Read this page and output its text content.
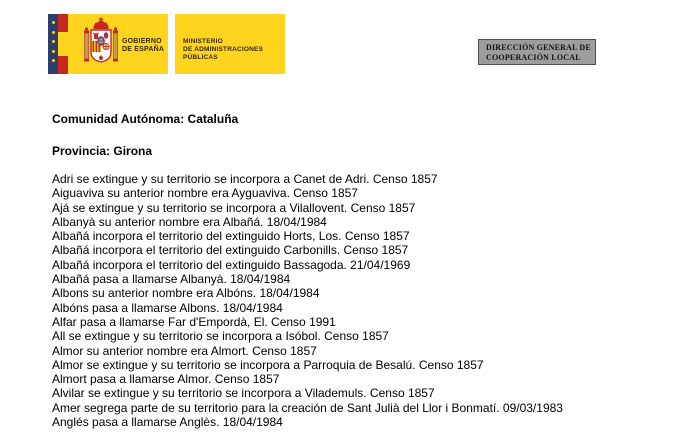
GOBIERNO
DE ESPAÑA
MINISTERIO
DE ADMINISTRACIONES
PÚBLICAS
DIRECCIÓN GENERAL DE
COOPERACIÓN LOCAL
Comunidad Autónoma: Cataluña
Provincia: Girona
Adri se extingue y su territorio se incorpora a Canet de Adri. Censo 1857
Aiguaviva su anterior nombre era Ayguaviva. Censo 1857
Ajá se extingue y su territorio se incorpora a Vilallovent. Censo 1857
Albanyà su anterior nombre era Albañá. 18/04/1984
Albañá incorpora el territorio del extinguido Horts, Los. Censo 1857
Albañá incorpora el territorio del extinguido Carbonills. Censo 1857
Albañá incorpora el territorio del extinguido Bassagoda. 21/04/1969
Albañá pasa a llamarse Albanyà. 18/04/1984
Albons su anterior nombre era Albóns. 18/04/1984
Albóns pasa a llamarse Albons. 18/04/1984
Alfar pasa a llamarse Far d'Empordà, El. Censo 1991
All se extingue y su territorio se incorpora a Isóbol. Censo 1857
Almor su anterior nombre era Almort. Censo 1857
Almor se extingue y su territorio se incorpora a Parroquia de Besalú. Censo 1857
Almort pasa a llamarse Almor. Censo 1857
Alvilar se extingue y su territorio se incorpora a Vilademuls. Censo 1857
Amer segrega parte de su territorio para la creación de Sant Julià del Llor i Bonmatí. 09/03/1983
Anglés pasa a llamarse Anglès. 18/04/1984
